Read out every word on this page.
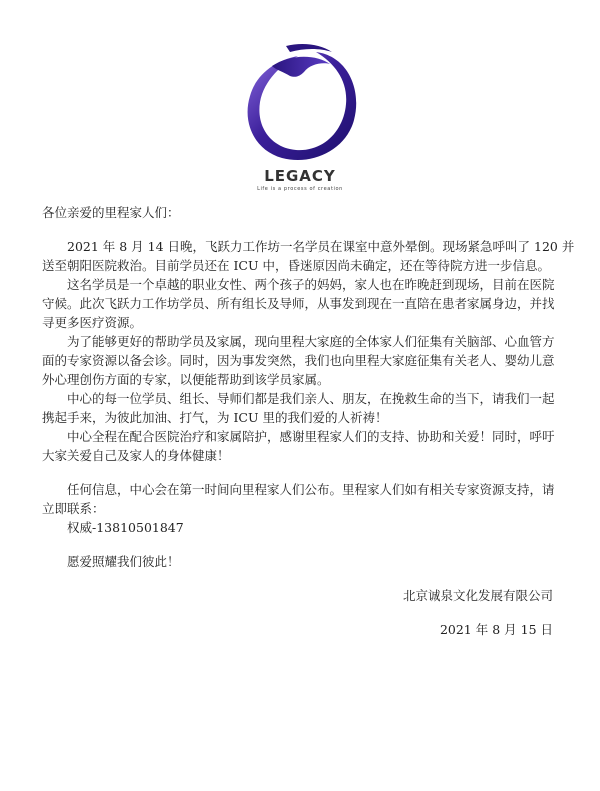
LEGACY
Life is a process of creation
各位亲爱的里程家人们：
2021 年 8 月 14 日晚，飞跃力工作坊一名学员在课室中意外晕倒。现场紧急呼叫了 120 并
送至朝阳医院救治。目前学员还在 ICU 中，昏迷原因尚未确定，还在等待院方进一步信息。
这名学员是一个卓越的职业女性、两个孩子的妈妈，家人也在昨晚赶到现场，目前在医院
守候。此次飞跃力工作坊学员、所有组长及导师，从事发到现在一直陪在患者家属身边，并找
寻更多医疗资源。
为了能够更好的帮助学员及家属，现向里程大家庭的全体家人们征集有关脑部、心血管方
面的专家资源以备会诊。同时，因为事发突然，我们也向里程大家庭征集有关老人、婴幼儿意
外心理创伤方面的专家，以便能帮助到该学员家属。
中心的每一位学员、组长、导师们都是我们亲人、朋友，在挽救生命的当下，请我们一起
携起手来，为彼此加油、打气，为 ICU 里的我们爱的人祈祷！
中心全程在配合医院治疗和家属陪护，感谢里程家人们的支持、协助和关爱！同时，呼吁
大家关爱自己及家人的身体健康！
任何信息，中心会在第一时间向里程家人们公布。里程家人们如有相关专家资源支持，请
立即联系：
权威-13810501847
愿爱照耀我们彼此！
北京诚泉文化发展有限公司
2021 年 8 月 15 日
